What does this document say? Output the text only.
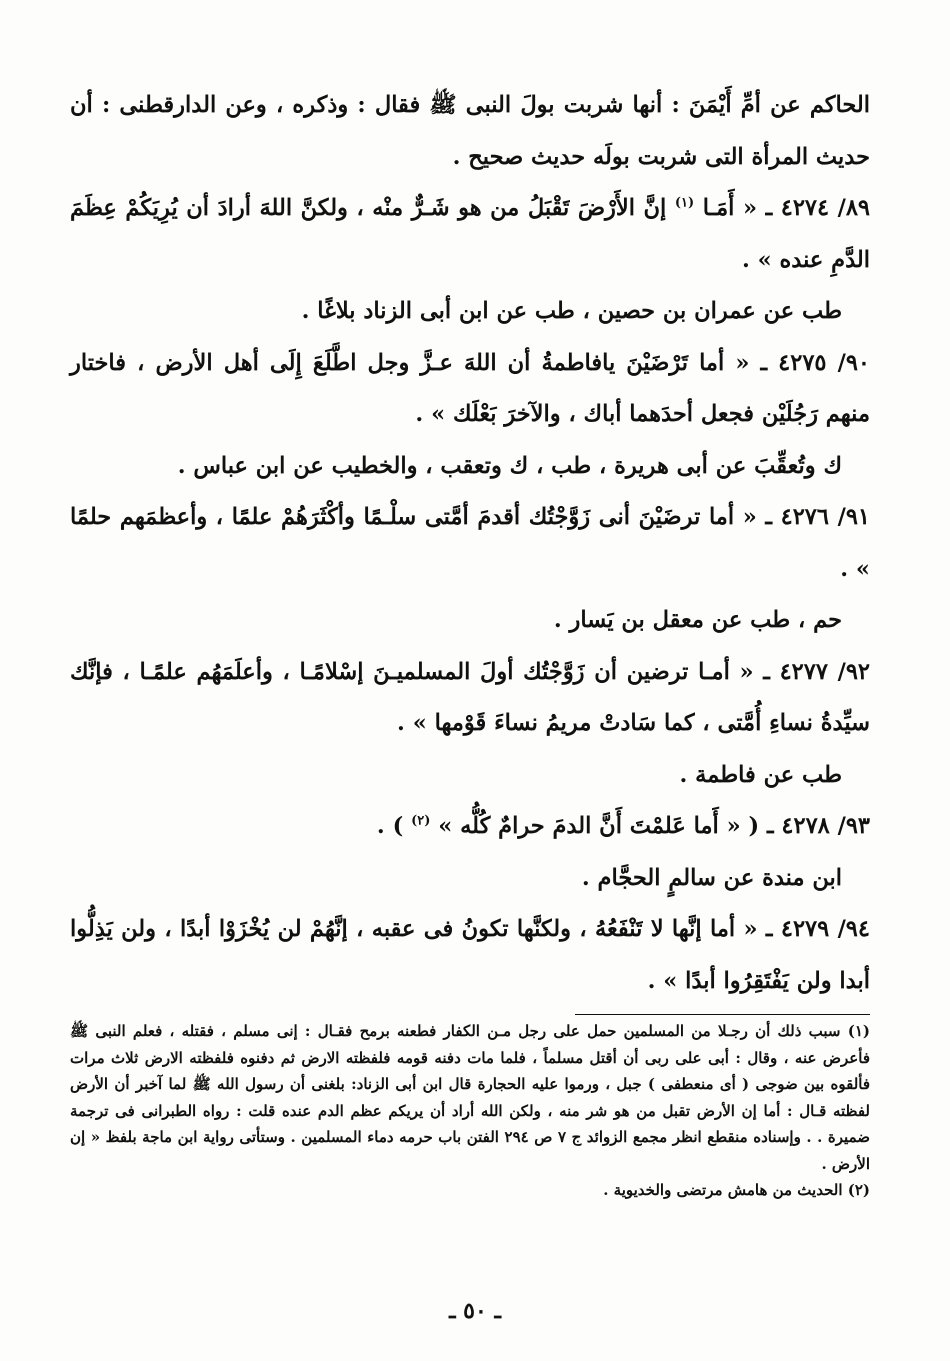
الحاكم عن أمِّ أَيْمَنَ : أنها شربت بولَ النبى ﷺ فقال : وذكره ، وعن الدارقطنى : أن حديث المرأة التى شربت بولَه حديث صحيح .

٨٩/ ٤٢٧٤ ـ « أَمَـا $^{(١)}$ إنَّ الأَرْضَ تَقْبَلُ من هو شَـرٌّ منْه ، ولكنَّ اللهَ أرادَ أن يُرِيَكُمْ عِظَمَ الدَّمِ عنده » .

طب عن عمران بن حصين ، طب عن ابن أبى الزناد بلاغًا .

٩٠/ ٤٢٧٥ ـ « أما تَرْضَيْنَ يافاطمةُ أن اللهَ عـزَّ وجل اطَّلَعَ إِلَى أهل الأرض ، فاختار منهم رَجُلَيْن فجعل أحدَهما أباك ، والآخرَ بَعْلَك » .

ك وتُعقِّبَ عن أبى هريرة ، طب ، ك وتعقب ، والخطيب عن ابن عباس .

٩١/ ٤٢٧٦ ـ « أما ترضَيْنَ أنى زَوَّجْتُك أقدمَ أمَّتى سلْـمًا وأكْثَرَهُمْ علمًا ، وأعظمَهم حلمًا » .

حم ، طب عن معقل بن يَسار .

٩٢/ ٤٢٧٧ ـ « أمـا ترضين أن زَوَّجْتُك أولَ المسلميـنَ إسْلامًـا ، وأعلَمَهُم علمًـا ، فإنَّك سيِّدةُ نساءِ أُمَّتى ، كما سَادتْ مريمُ نساءَ قَوْمها » .

طب عن فاطمة .

٩٣/ ٤٢٧٨ ـ ( « أَما عَلمْتَ أَنَّ الدمَ حرامٌ كُلُّه » $^{(٢)}$ ) .

ابن مندة عن سالمٍ الحجَّام .

٩٤/ ٤٢٧٩ ـ « أما إنَّها لا تَنْفَعُهُ ، ولكنَّها تكونُ فى عقبه ، إنَّهُمْ لن يُخْزَوْا أبدًا ، ولن يَذِلُّوا أبدا ولن يَفْتَقِرُوا أبدًا » .

(١) سبب ذلك أن رجـلا من المسلمين حمل على رجل مـن الكفار فطعنه برمح فقـال : إنى مسلم ، فقتله ، فعلم النبى ﷺ فأعرض عنه ، وقال : أبى على ربى أن أقتل مسلماً ، فلما مات دفنه قومه فلفظته الارض ثم دفنوه فلفظته الارض ثلاث مرات فألقوه بين ضوجى ( أى منعطفى ) جبل ، ورموا عليه الحجارة قال ابن أبى الزناد: بلغنى أن رسول الله ﷺ لما آخبر أن الأرض لفظته قـال : أما إن الأرض تقبل من هو شر منه ، ولكن الله أراد أن يريكم عظم الدم عنده قلت : رواه الطبرانى فى ترجمة ضميرة . . وإسناده منقطع انظر مجمع الزوائد ج ٧ ص ٢٩٤ الفتن باب حرمه دماء المسلمين . وستأتى رواية ابن ماجة بلفظ « إن الأرض .

(٢) الحديث من هامش مرتضى والخديوية .

ـ ٥٠ ـ
